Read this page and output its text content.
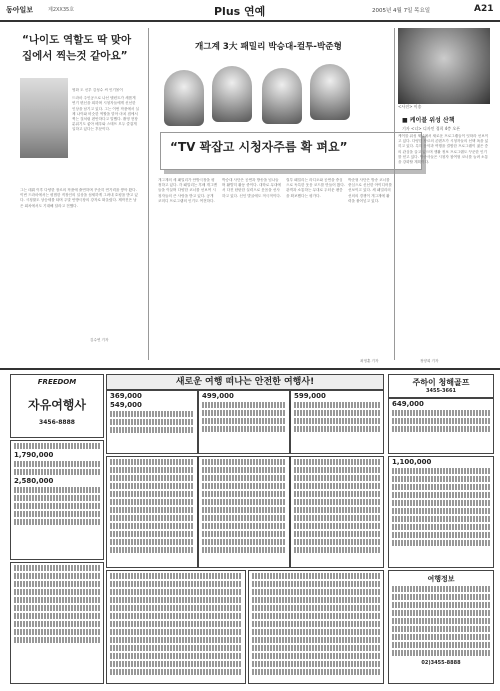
동아일보	제2XX35호	Plus 연예	2005년 4월 7일 목요일	A21
“나이도 역할도 딱 맞아 집에서 찍는것 같아요”

영화 도 신부 김성수 씨 인기몰이

드라마 주인공으로 나선 탤런트가 새롭게 연기 변신을 꾀하며 시청자들에게 신선한 인상을 남기고 있다. 그는 이번 작품에서 실제 나이와 비슷한 역할을 맡아 마치 집에서 찍는 것처럼 편안하다고 말했다. 촬영 현장 분위기도 좋아 배우와 스태프 모두 즐겁게 일하고 있다는 후문이다.

그는 데뷔 이후 다양한 장르의 작품에 출연하며 꾸준히 연기력을 쌓아 왔다. 이번 드라마에서는 평범한 직장인의 일상을 섬세하게 그려내 호평을 받고 있다. 시청률도 상승세를 타며 주말 안방극장의 강자로 떠올랐다. 제작진은 남은 회차에서도 기대해 달라고 전했다.

김수연 기자
개그계 3大 패밀리 박승대-컬투-박준형
“TV 꽉잡고 시청자주름 확 펴요”
개그계의 세 패밀리가 안방극장을 평정하고 있다. 각 패밀리는 후배 개그맨들을 이끌며 다양한 코너를 선보여 시청자들의 큰 사랑을 받고 있다. 공개 코미디 프로그램의 인기도 여전하다.
박승대 사단은 공연과 방송을 넘나들며 활발히 활동 중이다. 대학로 무대에서 다진 탄탄한 실력으로 웃음을 선사하고 있다. 신인 발굴에도 적극적이다.
컬투 패밀리는 라디오와 공연을 중심으로 독특한 웃음 코드를 만들어 왔다. 관객과 소통하는 무대로 두터운 팬층을 확보했다는 평가다.
박준형 사단은 방송 코너를 중심으로 신선한 아이디어를 선보이고 있다. 세 패밀리의 선의의 경쟁이 개그계에 활력을 불어넣고 있다.
최영훈 기자
<사진> 이송
■ 케이블 위성 산책
기자 <너> 디자인 경희 4층 오픈
케이블 위성 채널에서 새로운 프로그램들이 잇따라 선보이고 있다. 다양한 장르의 콘텐츠가 시청자들의 선택 폭을 넓히고 있다. 특히 음악과 여행을 결합한 프로그램이 젊은 층의 관심을 끌고 있으며 생활 정보 프로그램도 꾸준한 인기를 얻고 있다. 방송사들은 시청자 참여형 코너를 늘려 소통을 강화할 계획이다.
정양희 기자
FREEDOM
자유여행사
3456-8888
새로운 여행 떠나는 안전한 여행사!	주하이 청해골프
3455-3661
369,000
549,000
499,000	599,000
649,000
1,790,000
2,580,000
1,100,000
여행정보
02)3455-8888
